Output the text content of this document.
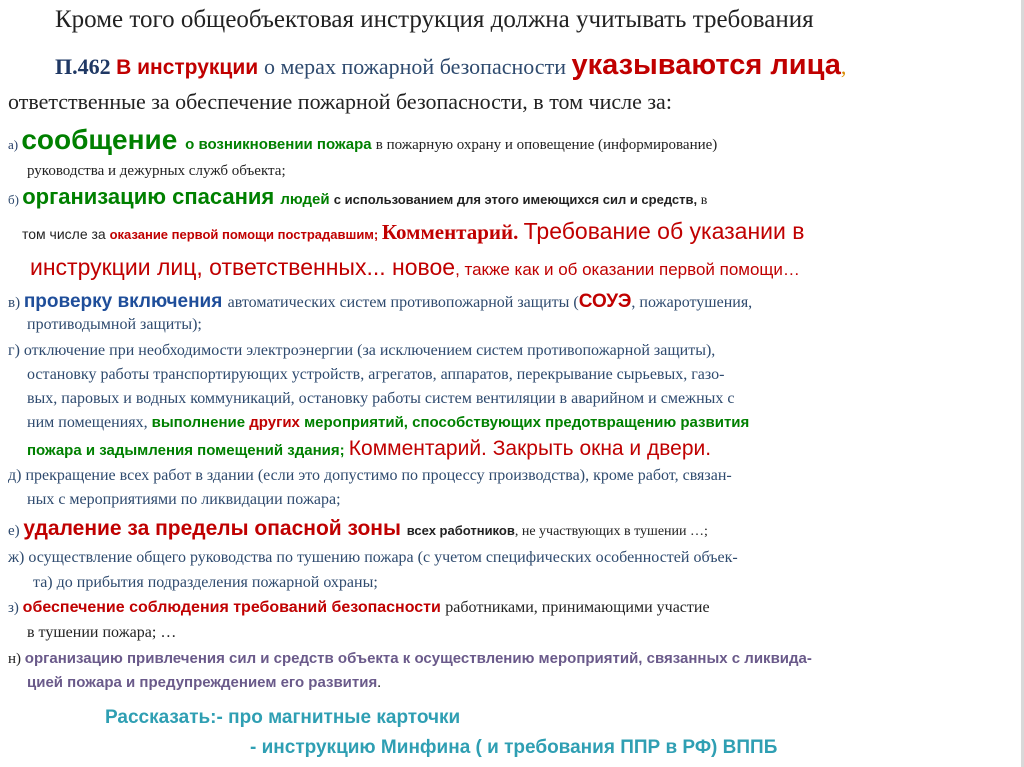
Кроме того общеобъектовая инструкция должна учитывать требования
П.462 В инструкции о мерах пожарной безопасности указываются лица,
ответственные за обеспечение пожарной безопасности, в том числе за:
а) сообщение о возникновении пожара в пожарную охрану и оповещение (информирование)
руководства и дежурных служб объекта;
б) организацию спасания людей с использованием для этого имеющихся сил и средств, в
том числе за оказание первой помощи пострадавшим; Комментарий. Требование об указании в
инструкции лиц, ответственных... новое, также как и об оказании первой помощи…
в) проверку включения автоматических систем противопожарной защиты (СОУЭ, пожаротушения,
противодымной защиты);
г) отключение при необходимости электроэнергии (за исключением систем противопожарной защиты),
остановку работы транспортирующих устройств, агрегатов, аппаратов, перекрывание сырьевых, газо-
вых, паровых и водных коммуникаций, остановку работы систем вентиляции в аварийном и смежных с
ним помещениях, выполнение других мероприятий, способствующих предотвращению развития
пожара и задымления помещений здания; Комментарий. Закрыть окна и двери.
д) прекращение всех работ в здании (если это допустимо по процессу производства), кроме работ, связан-
ных с мероприятиями по ликвидации пожара;
е) удаление за пределы опасной зоны всех работников, не участвующих в тушении …;
ж) осуществление общего руководства по тушению пожара (с учетом специфических особенностей объек-
та) до прибытия подразделения пожарной охраны;
з) обеспечение соблюдения требований безопасности работниками, принимающими участие
в тушении пожара; …
н) организацию привлечения сил и средств объекта к осуществлению мероприятий, связанных с ликвида-
цией пожара и предупреждением его развития.
Рассказать:- про магнитные карточки
- инструкцию Минфина ( и требования ППР в РФ) ВППБ
